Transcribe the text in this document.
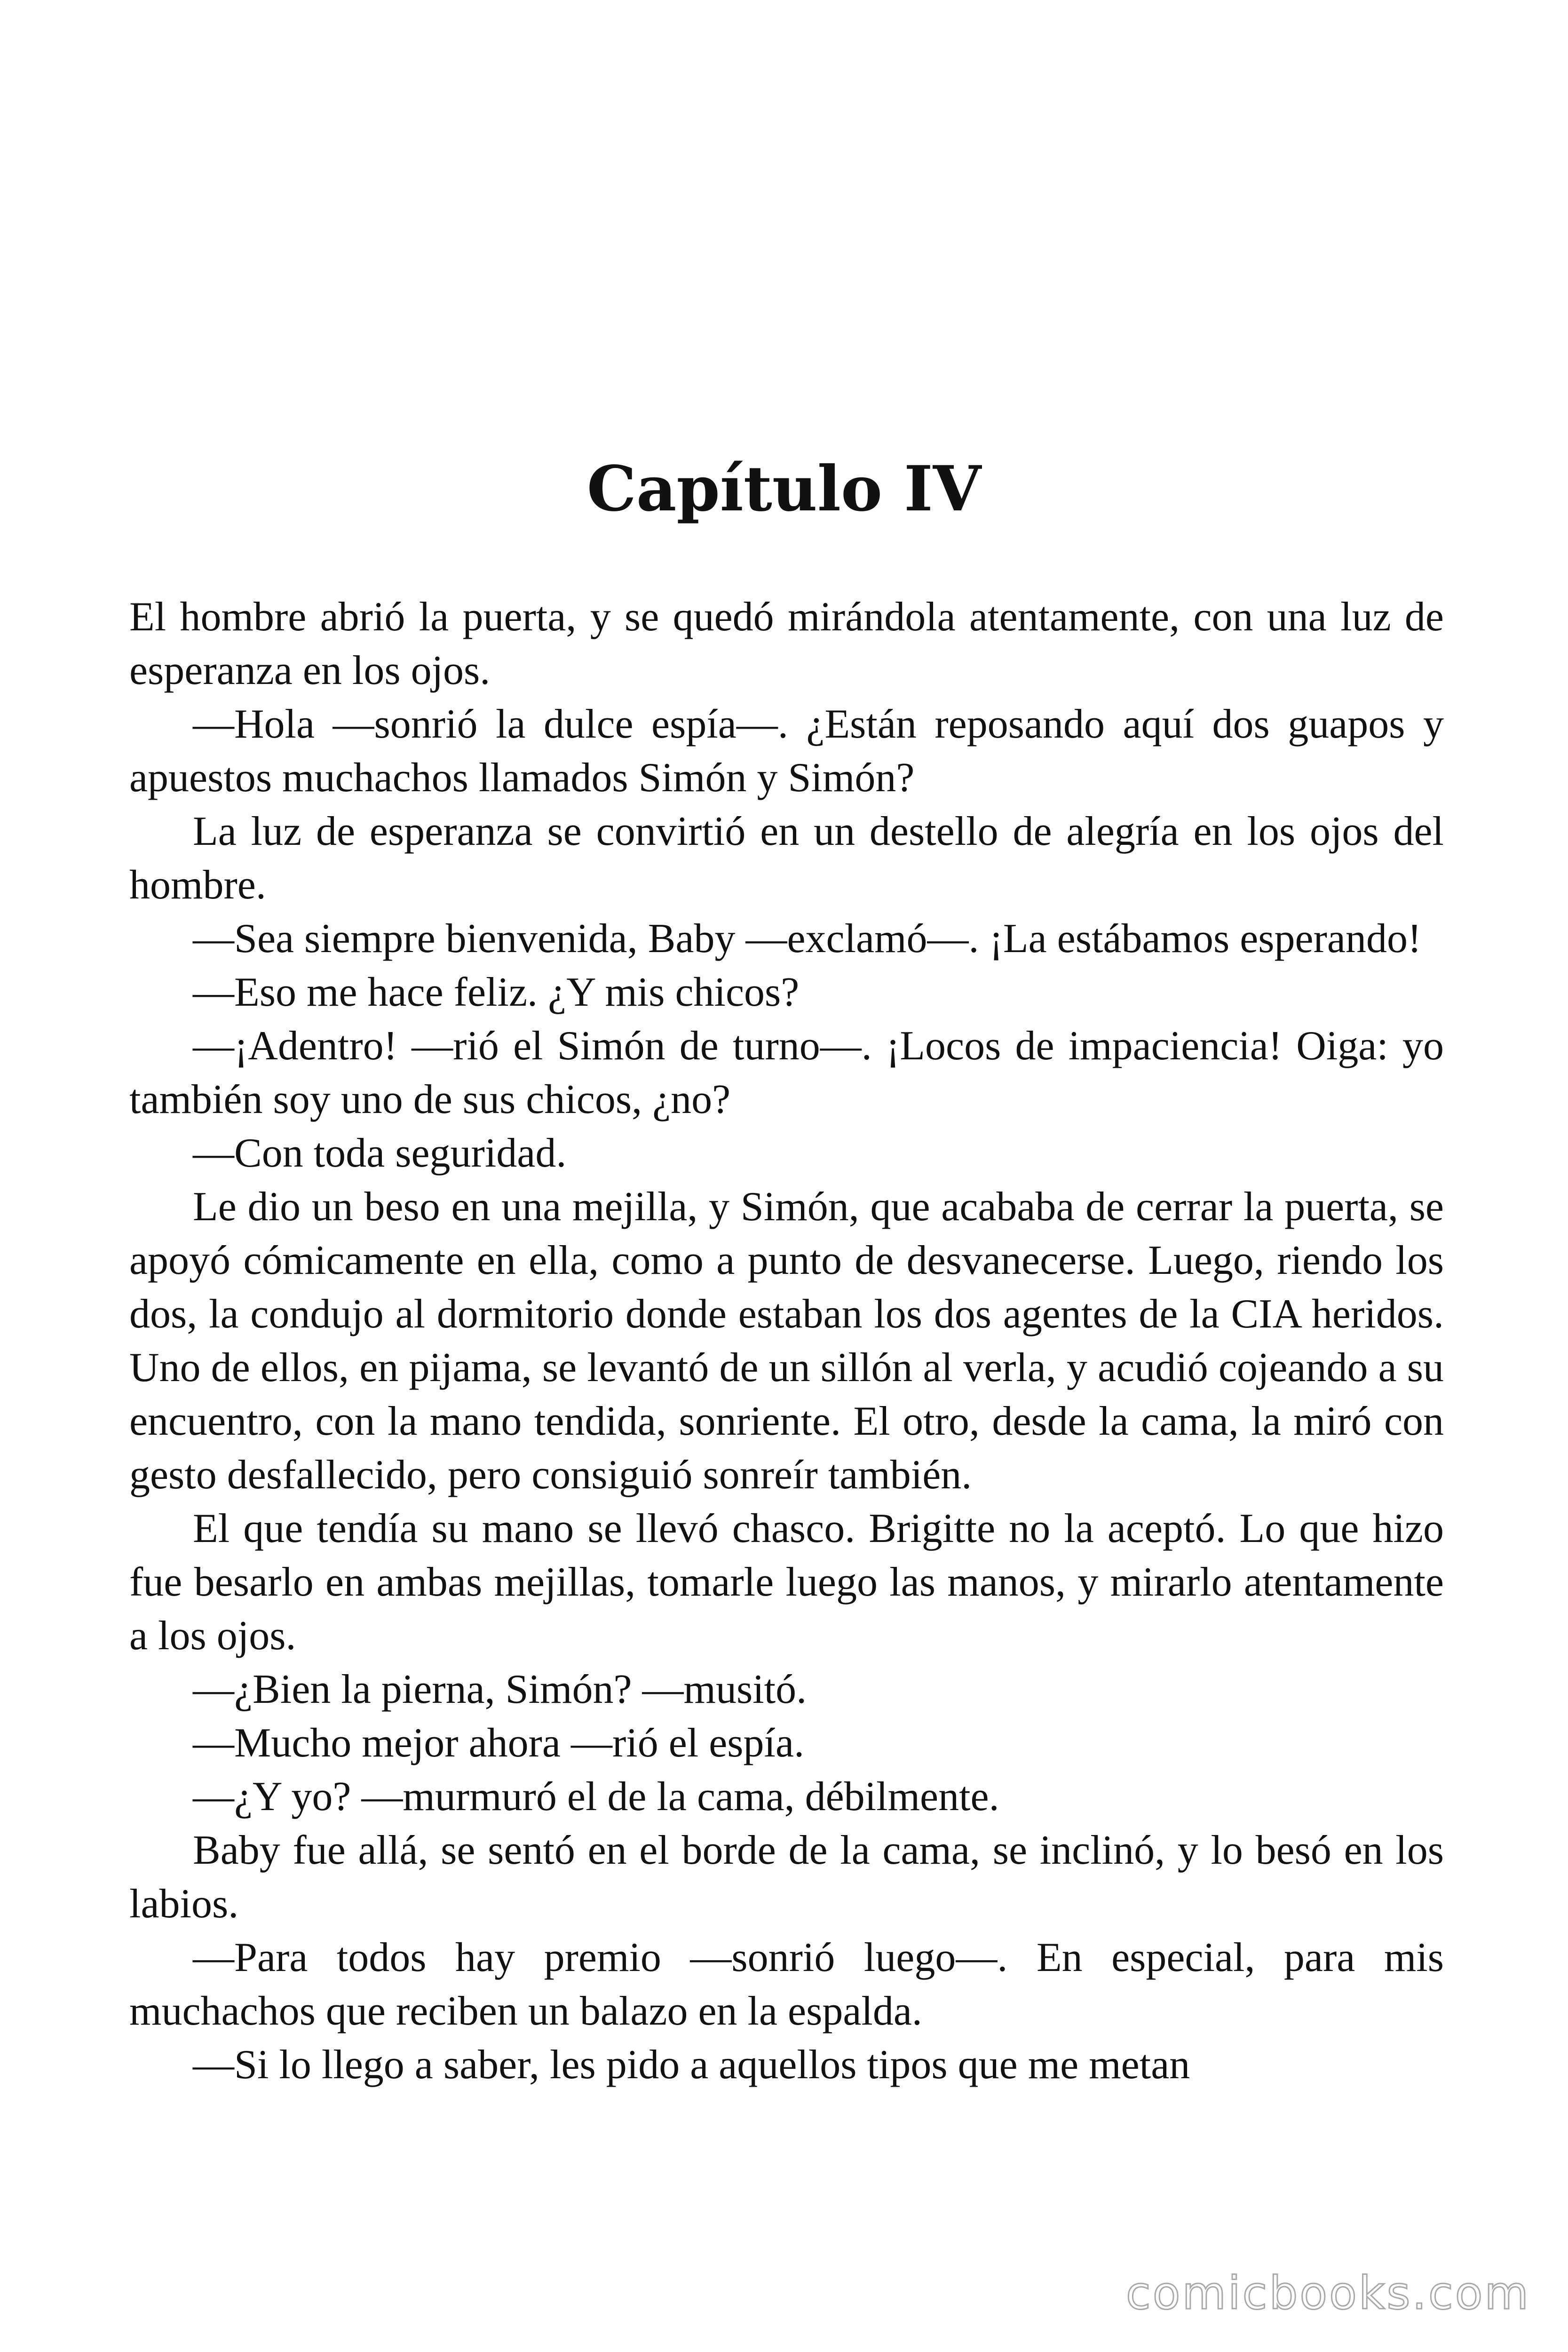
Capítulo IV

El hombre abrió la puerta, y se quedó mirándola atentamente, con una luz de esperanza en los ojos.

—Hola —sonrió la dulce espía—. ¿Están reposando aquí dos guapos y apuestos muchachos llamados Simón y Simón?

La luz de esperanza se convirtió en un destello de alegría en los ojos del hombre.

—Sea siempre bienvenida, Baby —exclamó—. ¡La estábamos esperando!

—Eso me hace feliz. ¿Y mis chicos?

—¡Adentro! —rió el Simón de turno—. ¡Locos de impaciencia! Oiga: yo también soy uno de sus chicos, ¿no?

—Con toda seguridad.

Le dio un beso en una mejilla, y Simón, que acababa de cerrar la puerta, se apoyó cómicamente en ella, como a punto de desvanecerse. Luego, riendo los dos, la condujo al dormitorio donde estaban los dos agentes de la CIA heridos. Uno de ellos, en pijama, se levantó de un sillón al verla, y acudió cojeando a su encuentro, con la mano tendida, sonriente. El otro, desde la cama, la miró con gesto desfallecido, pero consiguió sonreír también.

El que tendía su mano se llevó chasco. Brigitte no la aceptó. Lo que hizo fue besarlo en ambas mejillas, tomarle luego las manos, y mirarlo atentamente a los ojos.

—¿Bien la pierna, Simón? —musitó.

—Mucho mejor ahora —rió el espía.

—¿Y yo? —murmuró el de la cama, débilmente.

Baby fue allá, se sentó en el borde de la cama, se inclinó, y lo besó en los labios.

—Para todos hay premio —sonrió luego—. En especial, para mis muchachos que reciben un balazo en la espalda.

—Si lo llego a saber, les pido a aquellos tipos que me metan

comicbooks.com
